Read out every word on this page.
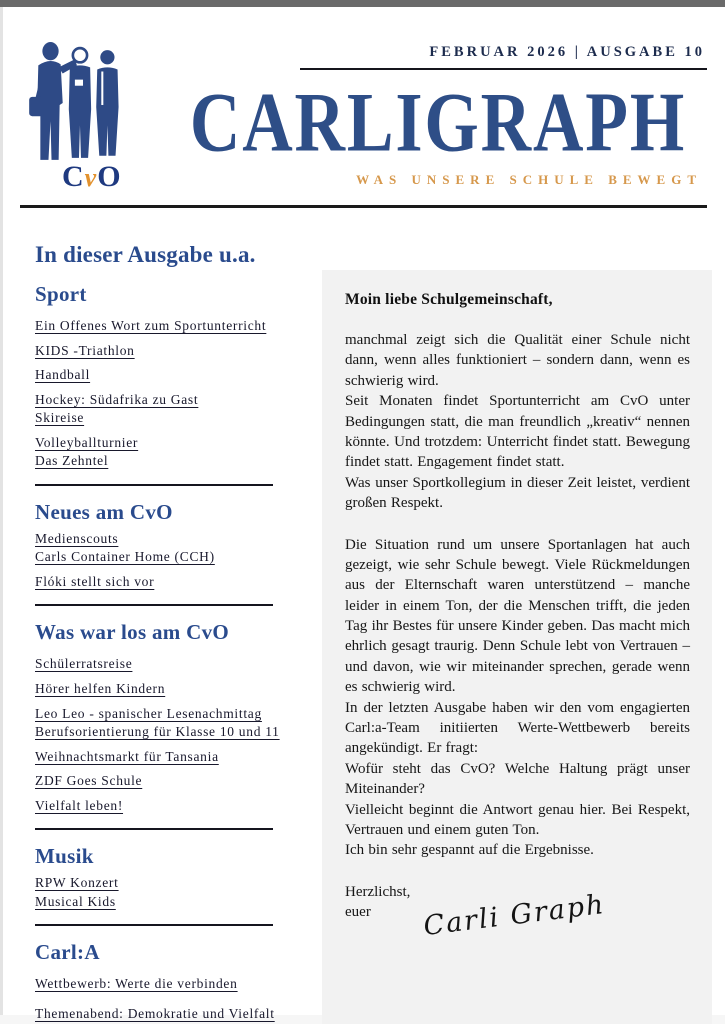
CvO
FEBRUAR 2026 | AUSGABE 10
CARLIGRAPH
WAS UNSERE SCHULE BEWEGT
In dieser Ausgabe u.a.
Sport
Ein Offenes Wort zum Sportunterricht
KIDS -Triathlon
Handball
Hockey: Südafrika zu Gast
Skireise
Volleyballturnier
Das Zehntel
Neues am CvO
Medienscouts
Carls Container Home (CCH)
Flóki stellt sich vor
Was war los am CvO
Schülerratsreise
Hörer helfen Kindern
Leo Leo - spanischer Lesenachmittag
Berufsorientierung für Klasse 10 und 11
Weihnachtsmarkt für Tansania
ZDF Goes Schule
Vielfalt leben!
Musik
RPW Konzert
Musical Kids
Carl:A
Wettbewerb: Werte die verbinden
Themenabend: Demokratie und Vielfalt
Moin liebe Schulgemeinschaft,
manchmal zeigt sich die Qualität einer Schule nicht dann, wenn alles funktioniert – sondern dann, wenn es schwierig wird.
Seit Monaten findet Sportunterricht am CvO unter Bedingungen statt, die man freundlich „kreativ“ nennen könnte. Und trotzdem: Unterricht findet statt. Bewegung findet statt. Engagement findet statt.
Was unser Sportkollegium in dieser Zeit leistet, verdient großen Respekt.
Die Situation rund um unsere Sportanlagen hat auch gezeigt, wie sehr Schule bewegt. Viele Rückmeldungen aus der Elternschaft waren unterstützend – manche leider in einem Ton, der die Menschen trifft, die jeden Tag ihr Bestes für unsere Kinder geben. Das macht mich ehrlich gesagt traurig. Denn Schule lebt von Vertrauen – und davon, wie wir miteinander sprechen, gerade wenn es schwierig wird.
In der letzten Ausgabe haben wir den vom engagierten Carl:a-Team initiierten Werte-Wettbewerb bereits angekündigt. Er fragt:
Wofür steht das CvO? Welche Haltung prägt unser Miteinander?
Vielleicht beginnt die Antwort genau hier. Bei Respekt, Vertrauen und einem guten Ton.
Ich bin sehr gespannt auf die Ergebnisse.
Herzlichst,
euer Carli Graph
